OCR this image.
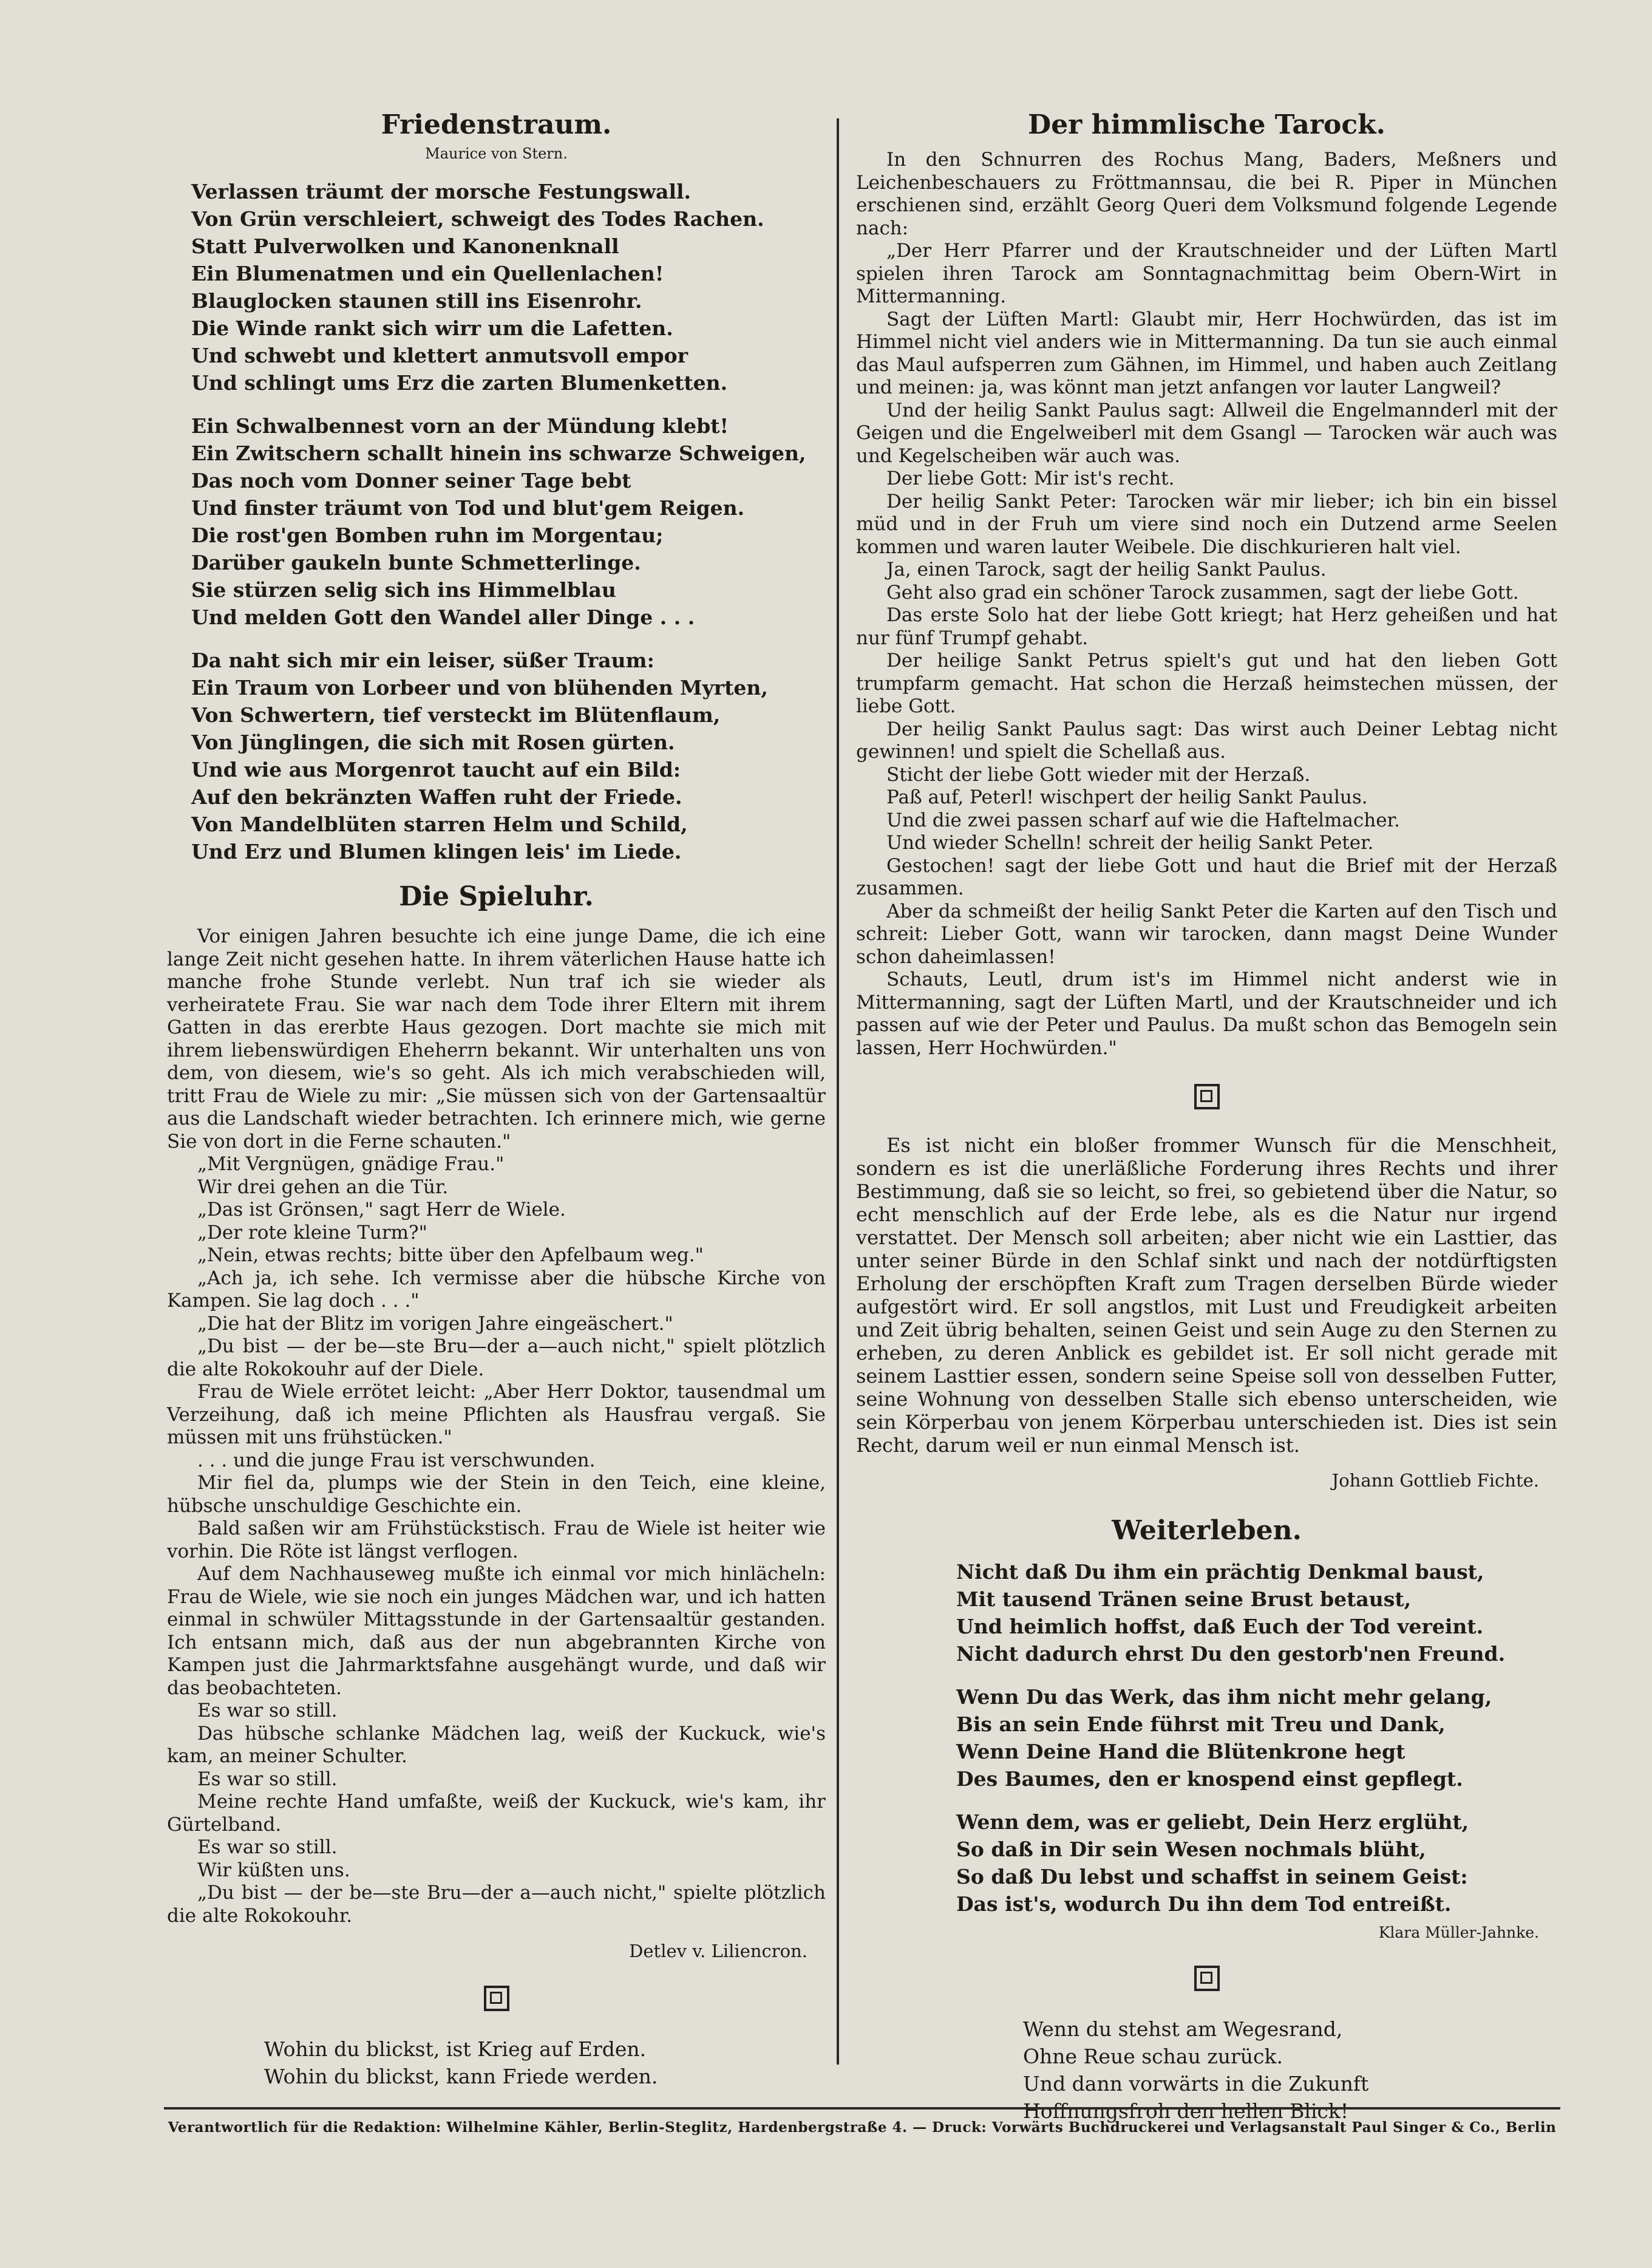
Friedenstraum.

Maurice von Stern.

Verlassen träumt der morsche Festungswall.
Von Grün verschleiert, schweigt des Todes Rachen.
Statt Pulverwolken und Kanonenknall
Ein Blumenatmen und ein Quellenlachen!
Blauglocken staunen still ins Eisenrohr.
Die Winde rankt sich wirr um die Lafetten.
Und schwebt und klettert anmutsvoll empor
Und schlingt ums Erz die zarten Blumenketten.
Ein Schwalbennest vorn an der Mündung klebt!
Ein Zwitschern schallt hinein ins schwarze Schweigen,
Das noch vom Donner seiner Tage bebt
Und finster träumt von Tod und blut'gem Reigen.
Die rost'gen Bomben ruhn im Morgentau;
Darüber gaukeln bunte Schmetterlinge.
Sie stürzen selig sich ins Himmelblau
Und melden Gott den Wandel aller Dinge . . .
Da naht sich mir ein leiser, süßer Traum:
Ein Traum von Lorbeer und von blühenden Myrten,
Von Schwertern, tief versteckt im Blütenflaum,
Von Jünglingen, die sich mit Rosen gürten.
Und wie aus Morgenrot taucht auf ein Bild:
Auf den bekränzten Waffen ruht der Friede.
Von Mandelblüten starren Helm und Schild,
Und Erz und Blumen klingen leis' im Liede.
Die Spieluhr.
Vor einigen Jahren besuchte ich eine junge Dame, die ich eine lange Zeit nicht gesehen hatte. In ihrem väterlichen Hause hatte ich manche frohe Stunde verlebt. Nun traf ich sie wieder als verheiratete Frau. Sie war nach dem Tode ihrer Eltern mit ihrem Gatten in das ererbte Haus gezogen. Dort machte sie mich mit ihrem liebenswürdigen Eheherrn bekannt. Wir unterhalten uns von dem, von diesem, wie's so geht. Als ich mich verabschieden will, tritt Frau de Wiele zu mir: „Sie müssen sich von der Gartensaaltür aus die Landschaft wieder betrachten. Ich erinnere mich, wie gerne Sie von dort in die Ferne schauten."
„Mit Vergnügen, gnädige Frau."
Wir drei gehen an die Tür.
„Das ist Grönsen," sagt Herr de Wiele.
„Der rote kleine Turm?"
„Nein, etwas rechts; bitte über den Apfelbaum weg."
„Ach ja, ich sehe. Ich vermisse aber die hübsche Kirche von Kampen. Sie lag doch . . ."
„Die hat der Blitz im vorigen Jahre eingeäschert."
„Du bist — der be—ste Bru—der a—auch nicht," spielt plötzlich die alte Rokokouhr auf der Diele.
Frau de Wiele errötet leicht: „Aber Herr Doktor, tausendmal um Verzeihung, daß ich meine Pflichten als Hausfrau vergaß. Sie müssen mit uns frühstücken."
. . . und die junge Frau ist verschwunden.
Mir fiel da, plumps wie der Stein in den Teich, eine kleine, hübsche unschuldige Geschichte ein.
Bald saßen wir am Frühstückstisch. Frau de Wiele ist heiter wie vorhin. Die Röte ist längst verflogen.
Auf dem Nachhauseweg mußte ich einmal vor mich hinlächeln: Frau de Wiele, wie sie noch ein junges Mädchen war, und ich hatten einmal in schwüler Mittagsstunde in der Gartensaaltür gestanden. Ich entsann mich, daß aus der nun abgebrannten Kirche von Kampen just die Jahrmarktsfahne ausgehängt wurde, und daß wir das beobachteten.
Es war so still.
Das hübsche schlanke Mädchen lag, weiß der Kuckuck, wie's kam, an meiner Schulter.
Es war so still.
Meine rechte Hand umfaßte, weiß der Kuckuck, wie's kam, ihr Gürtelband.
Es war so still.
Wir küßten uns.
„Du bist — der be—ste Bru—der a—auch nicht," spielte plötzlich die alte Rokokouhr.
Detlev v. Liliencron.
Wohin du blickst, ist Krieg auf Erden.
Wohin du blickst, kann Friede werden.
Der himmlische Tarock.
In den Schnurren des Rochus Mang, Baders, Meßners und Leichenbeschauers zu Fröttmannsau, die bei R. Piper in München erschienen sind, erzählt Georg Queri dem Volksmund folgende Legende nach:
„Der Herr Pfarrer und der Krautschneider und der Lüften Martl spielen ihren Tarock am Sonntagnachmittag beim Obern-Wirt in Mittermanning.
Sagt der Lüften Martl: Glaubt mir, Herr Hochwürden, das ist im Himmel nicht viel anders wie in Mittermanning. Da tun sie auch einmal das Maul aufsperren zum Gähnen, im Himmel, und haben auch Zeitlang und meinen: ja, was könnt man jetzt anfangen vor lauter Langweil?
Und der heilig Sankt Paulus sagt: Allweil die Engelmannderl mit der Geigen und die Engelweiberl mit dem Gsangl — Tarocken wär auch was und Kegelscheiben wär auch was.
Der liebe Gott: Mir ist's recht.
Der heilig Sankt Peter: Tarocken wär mir lieber; ich bin ein bissel müd und in der Fruh um viere sind noch ein Dutzend arme Seelen kommen und waren lauter Weibele. Die dischkurieren halt viel.
Ja, einen Tarock, sagt der heilig Sankt Paulus.
Geht also grad ein schöner Tarock zusammen, sagt der liebe Gott.
Das erste Solo hat der liebe Gott kriegt; hat Herz geheißen und hat nur fünf Trumpf gehabt.
Der heilige Sankt Petrus spielt's gut und hat den lieben Gott trumpfarm gemacht. Hat schon die Herzaß heimstechen müssen, der liebe Gott.
Der heilig Sankt Paulus sagt: Das wirst auch Deiner Lebtag nicht gewinnen! und spielt die Schellaß aus.
Sticht der liebe Gott wieder mit der Herzaß.
Paß auf, Peterl! wischpert der heilig Sankt Paulus.
Und die zwei passen scharf auf wie die Haftelmacher.
Und wieder Schelln! schreit der heilig Sankt Peter.
Gestochen! sagt der liebe Gott und haut die Brief mit der Herzaß zusammen.
Aber da schmeißt der heilig Sankt Peter die Karten auf den Tisch und schreit: Lieber Gott, wann wir tarocken, dann magst Deine Wunder schon daheimlassen!
Schauts, Leutl, drum ist's im Himmel nicht anderst wie in Mittermanning, sagt der Lüften Martl, und der Krautschneider und ich passen auf wie der Peter und Paulus. Da mußt schon das Bemogeln sein lassen, Herr Hochwürden."
Es ist nicht ein bloßer frommer Wunsch für die Menschheit, sondern es ist die unerläßliche Forderung ihres Rechts und ihrer Bestimmung, daß sie so leicht, so frei, so gebietend über die Natur, so echt menschlich auf der Erde lebe, als es die Natur nur irgend verstattet. Der Mensch soll arbeiten; aber nicht wie ein Lasttier, das unter seiner Bürde in den Schlaf sinkt und nach der notdürftigsten Erholung der erschöpften Kraft zum Tragen derselben Bürde wieder aufgestört wird. Er soll angstlos, mit Lust und Freudigkeit arbeiten und Zeit übrig behalten, seinen Geist und sein Auge zu den Sternen zu erheben, zu deren Anblick es gebildet ist. Er soll nicht gerade mit seinem Lasttier essen, sondern seine Speise soll von desselben Futter, seine Wohnung von desselben Stalle sich ebenso unterscheiden, wie sein Körperbau von jenem Körperbau unterschieden ist. Dies ist sein Recht, darum weil er nun einmal Mensch ist.
Johann Gottlieb Fichte.
Weiterleben.
Nicht daß Du ihm ein prächtig Denkmal baust,
Mit tausend Tränen seine Brust betaust,
Und heimlich hoffst, daß Euch der Tod vereint.
Nicht dadurch ehrst Du den gestorb'nen Freund.
Wenn Du das Werk, das ihm nicht mehr gelang,
Bis an sein Ende führst mit Treu und Dank,
Wenn Deine Hand die Blütenkrone hegt
Des Baumes, den er knospend einst gepflegt.
Wenn dem, was er geliebt, Dein Herz erglüht,
So daß in Dir sein Wesen nochmals blüht,
So daß Du lebst und schaffst in seinem Geist:
Das ist's, wodurch Du ihn dem Tod entreißt.
Klara Müller-Jahnke.
Wenn du stehst am Wegesrand,
Ohne Reue schau zurück.
Und dann vorwärts in die Zukunft
Hoffnungsfroh den hellen Blick!
Verantwortlich für die Redaktion: Wilhelmine Kähler, Berlin-Steglitz, Hardenbergstraße 4. — Druck: Vorwärts Buchdruckerei und Verlagsanstalt Paul Singer & Co., Berlin
